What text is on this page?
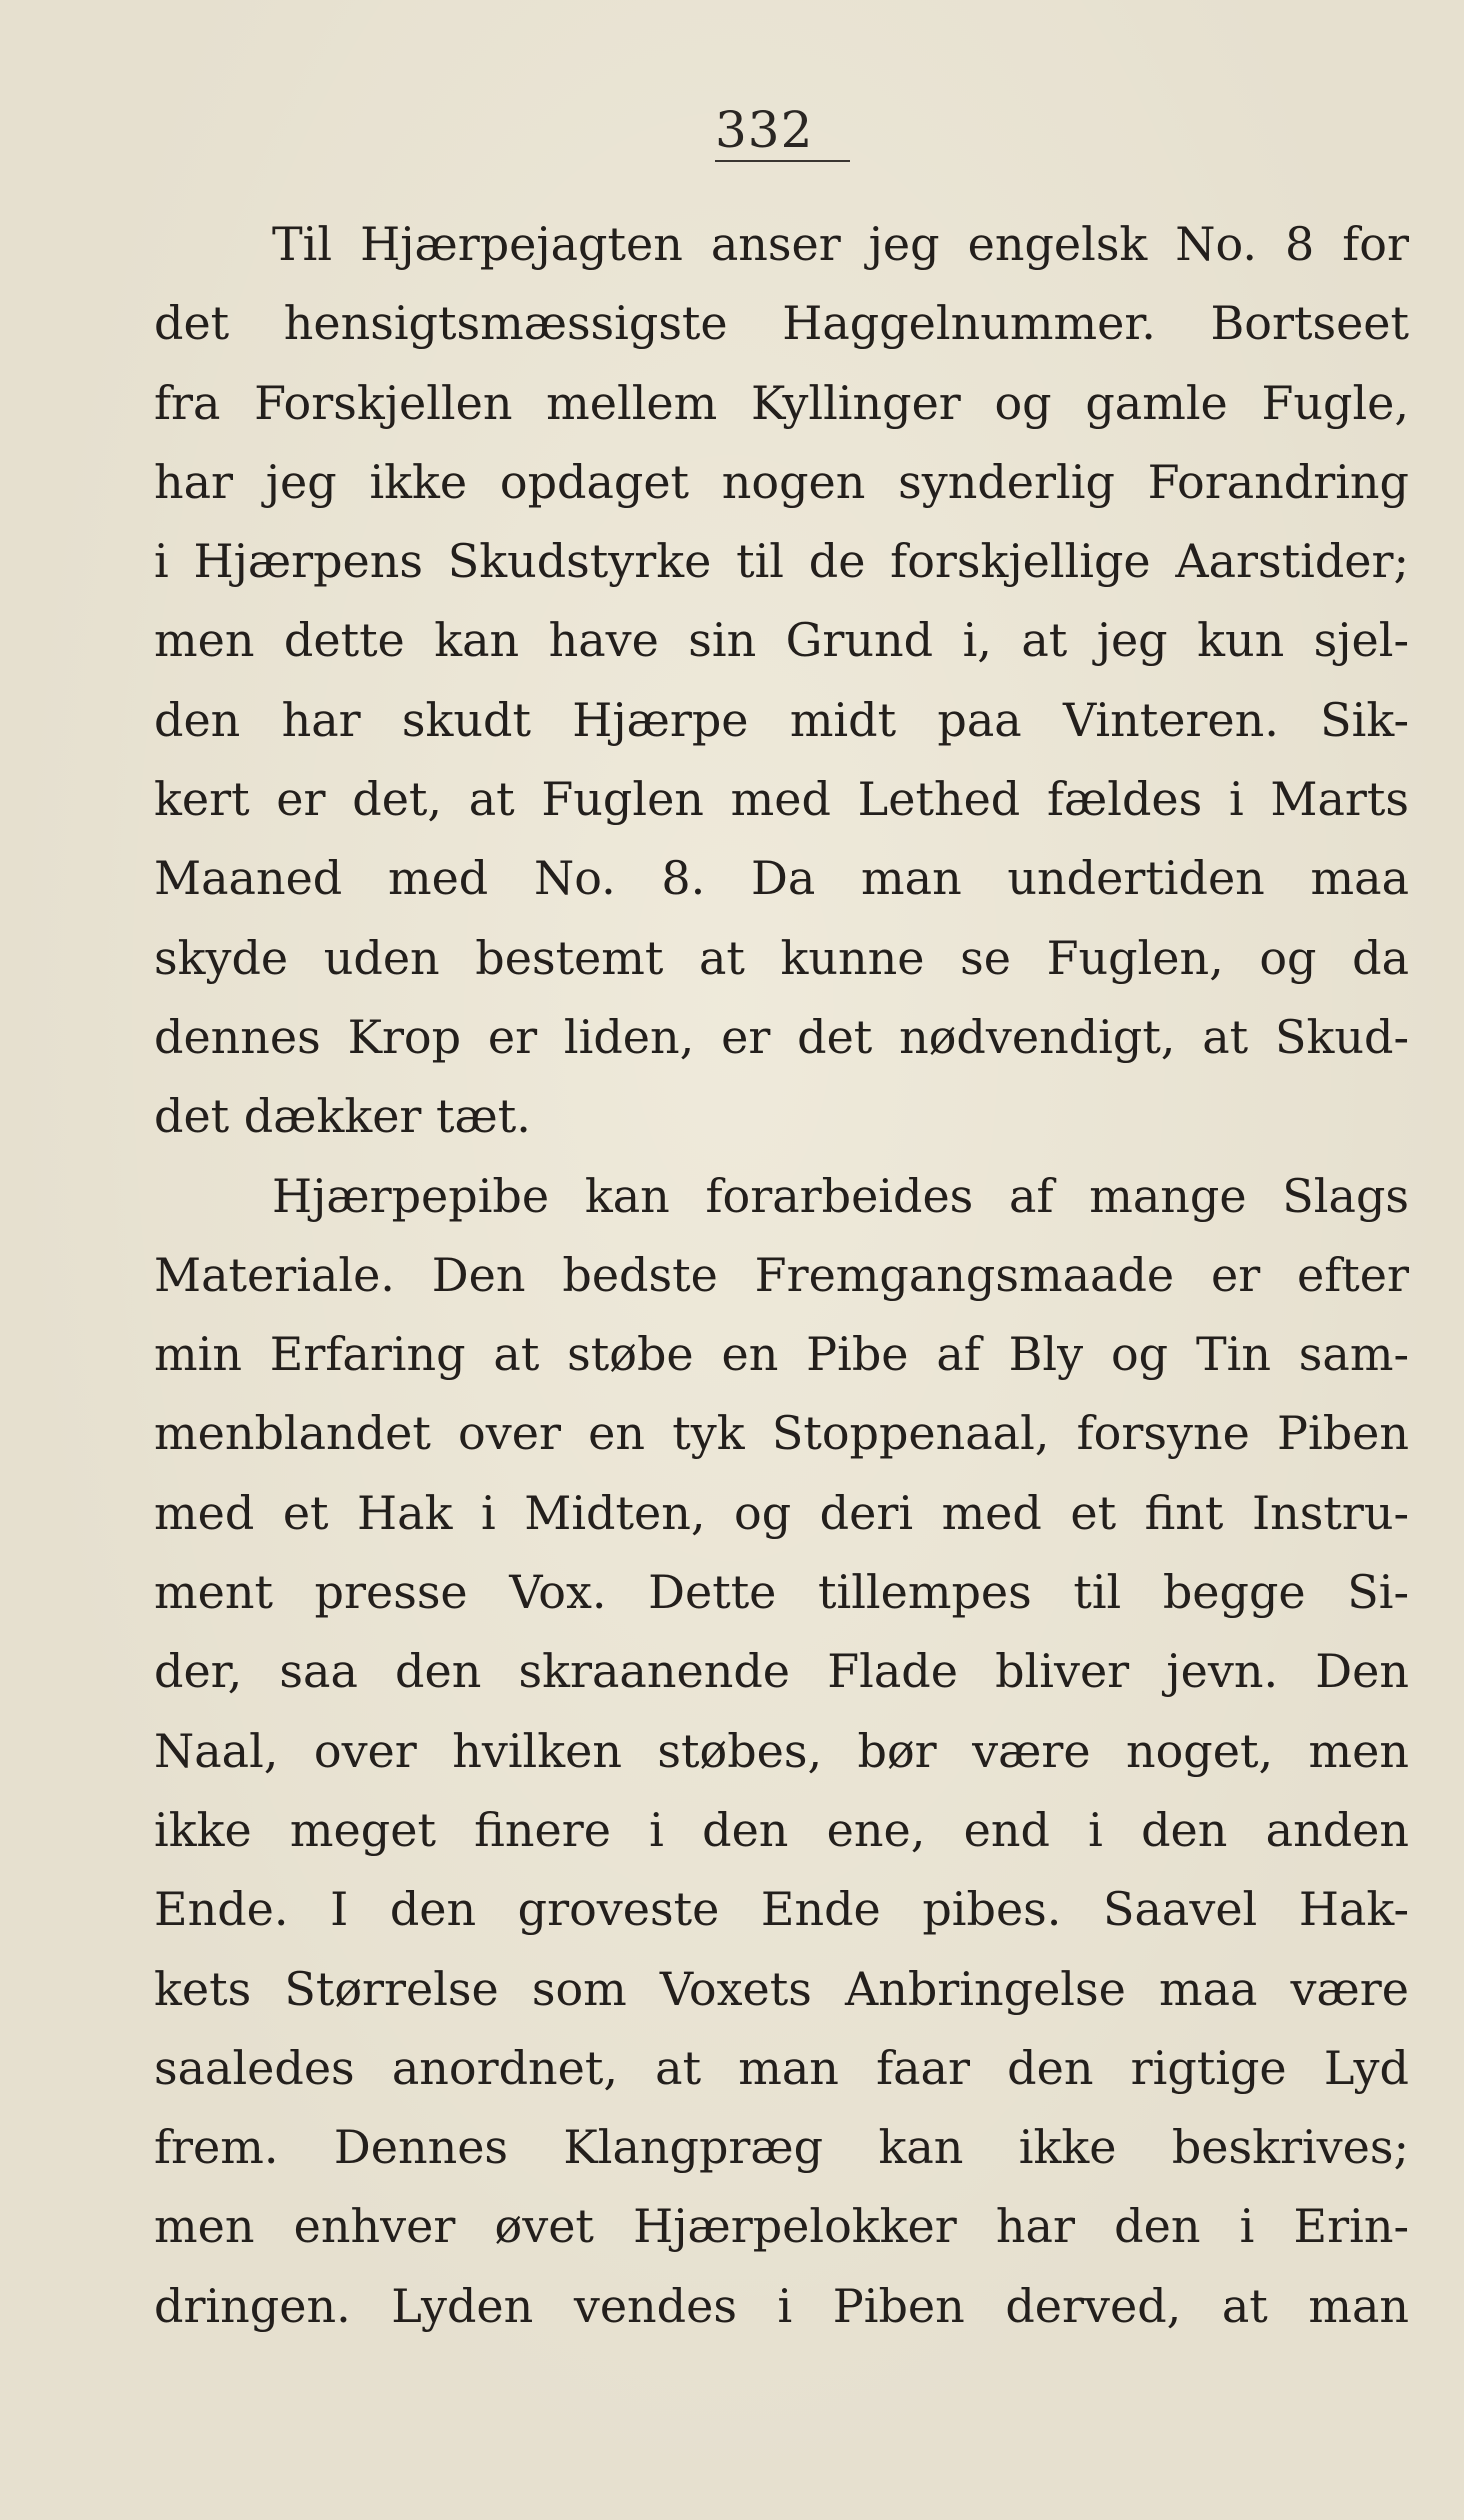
332
Til Hjærpejagten anser jeg engelsk No. 8 for
det hensigtsmæssigste Haggelnummer. Bortseet
fra Forskjellen mellem Kyllinger og gamle Fugle,
har jeg ikke opdaget nogen synderlig Forandring
i Hjærpens Skudstyrke til de forskjellige Aarstider;
men dette kan have sin Grund i, at jeg kun sjel-
den har skudt Hjærpe midt paa Vinteren. Sik-
kert er det, at Fuglen med Lethed fældes i Marts
Maaned med No. 8. Da man undertiden maa
skyde uden bestemt at kunne se Fuglen, og da
dennes Krop er liden, er det nødvendigt, at Skud-
det dækker tæt.
Hjærpepibe kan forarbeides af mange Slags
Materiale. Den bedste Fremgangsmaade er efter
min Erfaring at støbe en Pibe af Bly og Tin sam-
menblandet over en tyk Stoppenaal, forsyne Piben
med et Hak i Midten, og deri med et fint Instru-
ment presse Vox. Dette tillempes til begge Si-
der, saa den skraanende Flade bliver jevn. Den
Naal, over hvilken støbes, bør være noget, men
ikke meget finere i den ene, end i den anden
Ende. I den groveste Ende pibes. Saavel Hak-
kets Størrelse som Voxets Anbringelse maa være
saaledes anordnet, at man faar den rigtige Lyd
frem. Dennes Klangpræg kan ikke beskrives;
men enhver øvet Hjærpelokker har den i Erin-
dringen. Lyden vendes i Piben derved, at man
